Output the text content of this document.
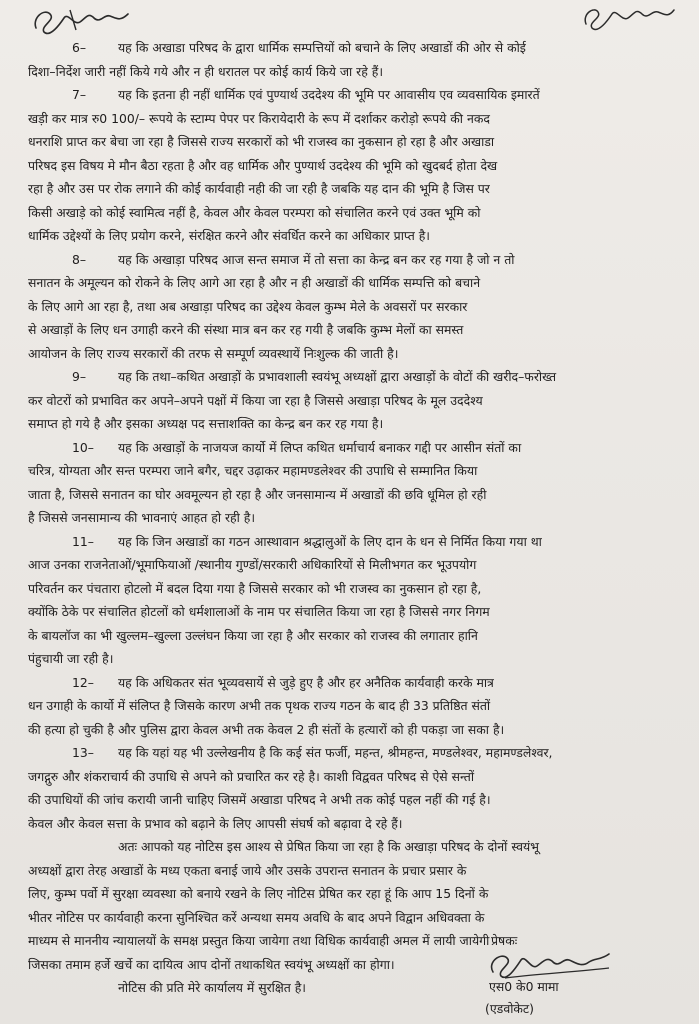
6–	यह कि अखाडा परिषद के द्वारा धार्मिक सम्पत्तियों को बचाने के लिए अखाडों की ओर से कोई
दिशा–निर्देश जारी नहीं किये गये और न ही धरातल पर कोई कार्य किये जा रहे हैं।
7–	यह कि इतना ही नहीं धार्मिक एवं पुण्यार्थ उददेश्य की भूमि पर आवासीय एव व्यवसायिक इमारतें
खड़ी कर मात्र रु0 100/– रूपये के स्टाम्प पेपर पर किरायेदारी के रूप में दर्शाकर करोड़ो रूपये की नकद
धनराशि प्राप्त कर बेचा जा रहा है जिससे राज्य सरकारों को भी राजस्व का नुकसान हो रहा है और अखाडा
परिषद इस विषय मे मौन बैठा रहता है और वह धार्मिक और पुण्यार्थ उददेश्य की भूमि को खुदबर्द होता देख
रहा है और उस पर रोक लगाने की कोई कार्यवाही नही की जा रही है जबकि यह दान की भूमि है जिस पर
किसी अखाड़े को कोई स्वामित्व नहीं है, केवल और केवल परम्परा को संचालित करने एवं उक्त भूमि को
धार्मिक उद्देश्यों के लिए प्रयोग करने, संरक्षित करने और संवर्धित करने का अधिकार प्राप्त है।
8–	यह कि अखाड़ा परिषद आज सन्त समाज में तो सत्ता का केन्द्र बन कर रह गया है जो न तो
सनातन के अमूल्यन को रोकने के लिए आगे आ रहा है और न ही अखाडों की धार्मिक सम्पत्ति को बचाने
के लिए आगे आ रहा है, तथा अब अखाड़ा परिषद का उद्देश्य केवल कुम्भ मेले के अवसरों पर सरकार
से अखाड़ों के लिए धन उगाही करने की संस्था मात्र बन कर रह गयी है जबकि कुम्भ मेलों का समस्त
आयोजन के लिए राज्य सरकारों की तरफ से सम्पूर्ण व्यवस्थायें निःशुल्क की जाती है।
9–	यह कि तथा–कथित अखाड़ों के प्रभावशाली स्वयंभू अध्यक्षों द्वारा अखाड़ों के वोटों की खरीद–फरोख्त
कर वोटरों को प्रभावित कर अपने–अपने पक्षों में किया जा रहा है जिससे अखाड़ा परिषद के मूल उददेश्य
समाप्त हो गये है और इसका अध्यक्ष पद सत्ताशक्ति का केन्द्र बन कर रह गया है।
10– यह कि अखाड़ों के नाजयज कार्यो में लिप्त कथित धर्माचार्य बनाकर गद्दी पर आसीन संतों का
चरित्र, योग्यता और सन्त परम्परा जाने बगैर, चद्दर उढ़ाकर महामण्डलेश्वर की उपाधि से सम्मानित किया
जाता है, जिससे सनातन का घोर अवमूल्यन हो रहा है और जनसामान्य में अखाडों की छवि धूमिल हो रही
है जिससे जनसामान्य की भावनाएं आहत हो रही है।
11– यह कि जिन अखाडों का गठन आस्थावान श्रद्धालुओं के लिए दान के धन से निर्मित किया गया था
आज उनका राजनेताओं/भूमाफियाओं /स्थानीय गुण्डों/सरकारी अधिकारियों से मिलीभगत कर भूउपयोग
परिवर्तन कर पंचतारा होटलो में बदल दिया गया है जिससे सरकार को भी राजस्व का नुकसान हो रहा है,
क्योंकि ठेके पर संचालित होटलों को धर्मशालाओं के नाम पर संचालित किया जा रहा है जिससे नगर निगम
के बायलॉज का भी खुल्लम–खुल्ला उल्लंघन किया जा रहा है और सरकार को राजस्व की लगातार हानि
पंहुचायी जा रही है।
12– यह कि अधिकतर संत भूव्यवसायें से जुड़े हुए है और हर अनैतिक कार्यवाही करके मात्र
धन उगाही के कार्यो में संलिप्त है जिसके कारण अभी तक पृथक राज्य गठन के बाद ही 33 प्रतिष्ठित संतों
की हत्या हो चुकी है और पुलिस द्वारा केवल अभी तक केवल 2 ही संतों के हत्यारों को ही पकड़ा जा सका है।
13– यह कि यहां यह भी उल्लेखनीय है कि कई संत फर्जी, महन्त, श्रीमहन्त, मण्डलेश्वर, महामण्डलेश्वर,
जगद्गुरु और शंकराचार्य की उपाधि से अपने को प्रचारित कर रहे है। काशी विद्ववत परिषद से ऐसे सन्तों
की उपाधियों की जांच करायी जानी चाहिए जिसमें अखाडा परिषद ने अभी तक कोई पहल नहीं की गई है।
केवल और केवल सत्ता के प्रभाव को बढ़ाने के लिए आपसी संघर्ष को बढ़ावा दे रहे हैं।
अतः आपको यह नोटिस इस आश्य से प्रेषित किया जा रहा है कि अखाड़ा परिषद के दोनों स्वयंभू
अध्यक्षों द्वारा तेरह अखाडों के मध्य एकता बनाई जाये और उसके उपरान्त सनातन के प्रचार प्रसार के
लिए, कुम्भ पर्वो में सुरक्षा व्यवस्था को बनाये रखने के लिए नोटिस प्रेषित कर रहा हूं कि आप 15 दिनों के
भीतर नोटिस पर कार्यवाही करना सुनिश्चित करें अन्यथा समय अवधि के बाद अपने विद्वान अधिवक्ता के
माध्यम से माननीय न्यायालयों के समक्ष प्रस्तुत किया जायेगा तथा विधिक कार्यवाही अमल में लायी जायेगी
जिसका तमाम हर्जे खर्चे का दायित्व आप दोनों तथाकथित स्वयंभू अध्यक्षों का होगा।
नोटिस की प्रति मेरे कार्यालय में सुरक्षित है।
प्रेषकः
एस0 के0 मामा
(एडवोकेट)
